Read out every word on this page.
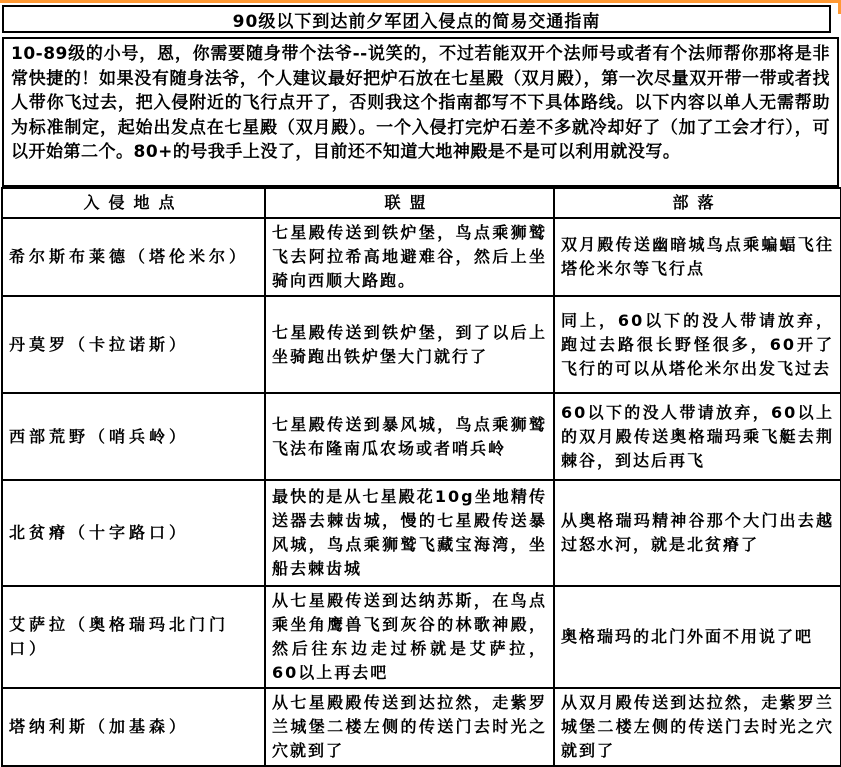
90级以下到达前夕军团入侵点的简易交通指南

10-89级的小号，恩，你需要随身带个法爷--说笑的，不过若能双开个法师号或者有个法师帮你那将是非常快捷的！如果没有随身法爷，个人建议最好把炉石放在七星殿（双月殿），第一次尽量双开带一带或者找人带你飞过去，把入侵附近的飞行点开了，否则我这个指南都写不下具体路线。以下内容以单人无需帮助为标准制定，起始出发点在七星殿（双月殿）。一个入侵打完炉石差不多就冷却好了（加了工会才行），可以开始第二个。80+的号我手上没了，目前还不知道大地神殿是不是可以利用就没写。

入侵地点	联盟	部落
希尔斯布莱德（塔伦米尔）	七星殿传送到铁炉堡，鸟点乘狮鹫飞去阿拉希高地避难谷，然后上坐骑向西顺大路跑。	双月殿传送幽暗城鸟点乘蝙蝠飞往塔伦米尔等飞行点
丹莫罗（卡拉诺斯）	七星殿传送到铁炉堡，到了以后上坐骑跑出铁炉堡大门就行了	同上，60以下的没人带请放弃，跑过去路很长野怪很多，60开了飞行的可以从塔伦米尔出发飞过去
西部荒野（哨兵岭）	七星殿传送到暴风城，鸟点乘狮鹫飞法布隆南瓜农场或者哨兵岭	60以下的没人带请放弃，60以上的双月殿传送奥格瑞玛乘飞艇去荆棘谷，到达后再飞
北贫瘠（十字路口）	最快的是从七星殿花10g坐地精传送器去棘齿城，慢的七星殿传送暴风城，鸟点乘狮鹫飞藏宝海湾，坐船去棘齿城	从奥格瑞玛精神谷那个大门出去越过怒水河，就是北贫瘠了
艾萨拉（奥格瑞玛北门门口）	从七星殿传送到达纳苏斯，在鸟点乘坐角鹰兽飞到灰谷的林歌神殿，然后往东边走过桥就是艾萨拉，60以上再去吧	奥格瑞玛的北门外面不用说了吧
塔纳利斯（加基森）	从七星殿殿传送到达拉然，走紫罗兰城堡二楼左侧的传送门去时光之穴就到了	从双月殿传送到达拉然，走紫罗兰城堡二楼左侧的传送门去时光之穴就到了
